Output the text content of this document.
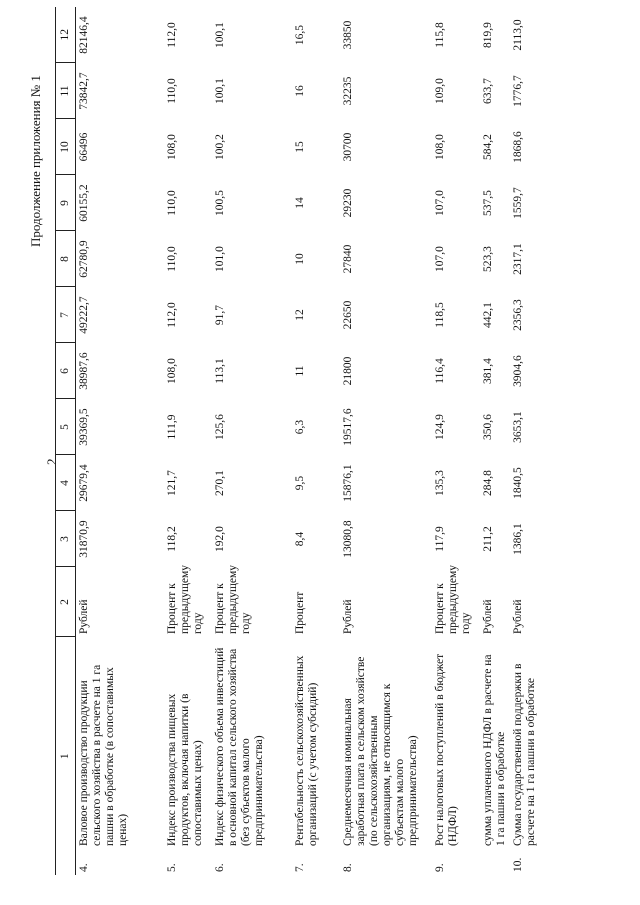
2
Продолжение приложения № 1
1	2	3	4	5	6	7	8	9	10	11	12
4.Валовое производство продукции сельского хозяйства в расчете на 1 га пашни в обработке (в сопоставимых ценах)	Рублей	31870,9	29679,4	39369,5	38987,6	49222,7	62780,9	60155,2	66496	73842,7	82146,4
5.Индекс производства пищевых продуктов, включая напитки (в сопоставимых ценах)	Процент к предыдущему году	118,2	121,7	111,9	108,0	112,0	110,0	110,0	108,0	110,0	112,0
6.Индекс физического объема инвестиций в основной капитал сельского хозяйства (без субъектов малого предпринимательства)	Процент к предыдущему году	192,0	270,1	125,6	113,1	91,7	101,0	100,5	100,2	100,1	100,1
7.Рентабельность сельскохозяйственных организаций (с учетом субсидий)	Процент	8,4	9,5	6,3	11	12	10	14	15	16	16,5
8.Среднемесячная номинальная заработная плата в сельском хозяйстве (по сельскохозяйственным организациям, не относящимся к субъектам малого предпринимательства)	Рублей	13080,8	15876,1	19517,6	21800	22650	27840	29230	30700	32235	33850
9.Рост налоговых поступлений в бюджет (НДФЛ)	Процент к предыдущему году	117,9	135,3	124,9	116,4	118,5	107,0	107,0	108,0	109,0	115,8
сумма уплаченного НДФЛ в расчете на 1 га пашни в обработке	Рублей	211,2	284,8	350,6	381,4	442,1	523,3	537,5	584,2	633,7	819,9
10.Сумма государственной поддержки в расчете на 1 га пашни в обработке	Рублей	1386,1	1840,5	3653,1	3904,6	2356,3	2317,1	1559,7	1868,6	1776,7	2113,0
